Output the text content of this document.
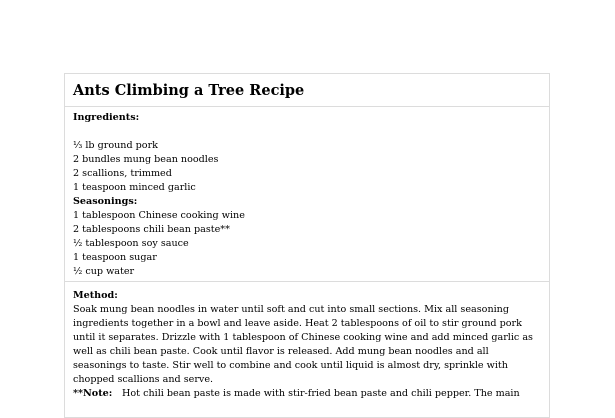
Ants Climbing a Tree Recipe
Ingredients:
⅓ lb ground pork
2 bundles mung bean noodles
2 scallions, trimmed
1 teaspoon minced garlic
Seasonings:
1 tablespoon Chinese cooking wine
2 tablespoons chili bean paste**
½ tablespoon soy sauce
1 teaspoon sugar
½ cup water
Method:

Soak mung bean noodles in water until soft and cut into small sections. Mix all seasoning ingredients together in a bowl and leave aside. Heat 2 tablespoons of oil to stir ground pork until it separates. Drizzle with 1 tablespoon of Chinese cooking wine and add minced garlic as well as chili bean paste. Cook until flavor is released. Add mung bean noodles and all seasonings to taste. Stir well to combine and cook until liquid is almost dry, sprinkle with chopped scallions and serve.

**Note:   Hot chili bean paste is made with stir-fried bean paste and chili pepper. The main
